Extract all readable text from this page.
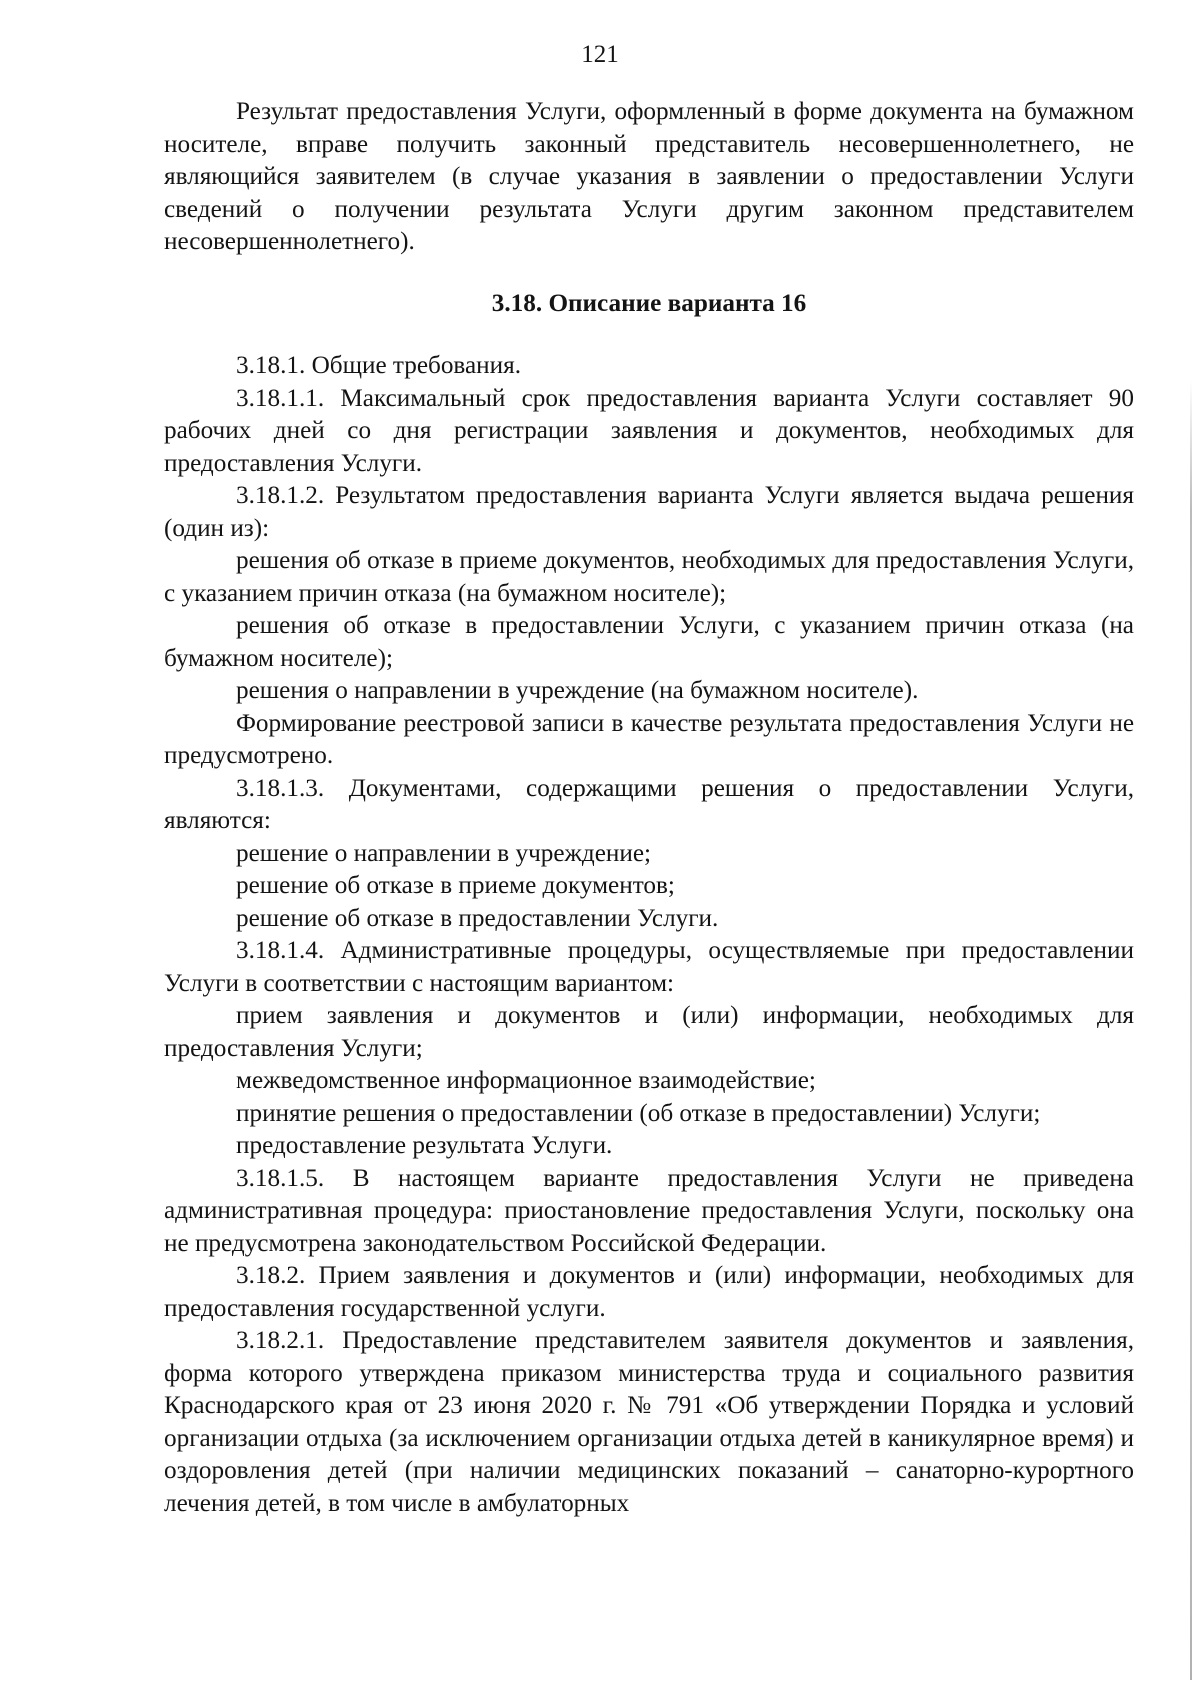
121

Результат предоставления Услуги, оформленный в форме документа на бумажном носителе, вправе получить законный представитель несовершеннолетнего, не являющийся заявителем (в случае указания в заявлении о предоставлении Услуги сведений о получении результата Услуги другим законном представителем несовершеннолетнего).

3.18. Описание варианта 16

3.18.1. Общие требования.

3.18.1.1. Максимальный срок предоставления варианта Услуги составляет 90 рабочих дней со дня регистрации заявления и документов, необходимых для предоставления Услуги.

3.18.1.2. Результатом предоставления варианта Услуги является выдача решения (один из):

решения об отказе в приеме документов, необходимых для предоставления Услуги, с указанием причин отказа (на бумажном носителе);

решения об отказе в предоставлении Услуги, с указанием причин отказа (на бумажном носителе);

решения о направлении в учреждение (на бумажном носителе).

Формирование реестровой записи в качестве результата предоставления Услуги не предусмотрено.

3.18.1.3. Документами, содержащими решения о предоставлении Услуги, являются:

решение о направлении в учреждение;

решение об отказе в приеме документов;

решение об отказе в предоставлении Услуги.

3.18.1.4. Административные процедуры, осуществляемые при предоставлении Услуги в соответствии с настоящим вариантом:

прием заявления и документов и (или) информации, необходимых для предоставления Услуги;

межведомственное информационное взаимодействие;

принятие решения о предоставлении (об отказе в предоставлении) Услуги;

предоставление результата Услуги.

3.18.1.5. В настоящем варианте предоставления Услуги не приведена административная процедура: приостановление предоставления Услуги, поскольку она не предусмотрена законодательством Российской Федерации.

3.18.2. Прием заявления и документов и (или) информации, необходимых для предоставления государственной услуги.

3.18.2.1. Предоставление представителем заявителя документов и заявления, форма которого утверждена приказом министерства труда и социального развития Краснодарского края от 23 июня 2020 г. № 791 «Об утверждении Порядка и условий организации отдыха (за исключением организации отдыха детей в каникулярное время) и оздоровления детей (при наличии медицинских показаний – санаторно-курортного лечения детей, в том числе в амбулаторных
